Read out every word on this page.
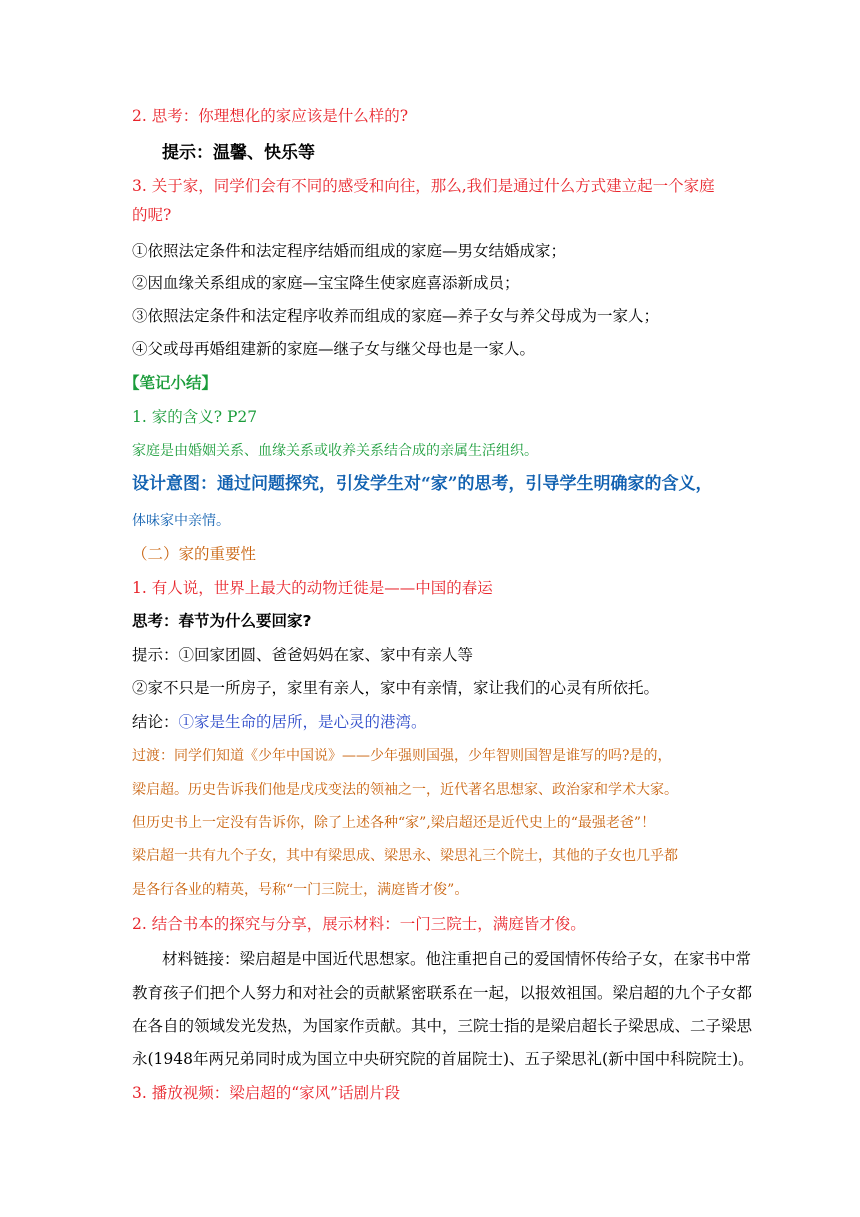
2. 思考：你理想化的家应该是什么样的?
提示：温馨、快乐等
3. 关于家，同学们会有不同的感受和向往，那么,我们是通过什么方式建立起一个家庭
的呢?
①依照法定条件和法定程序结婚而组成的家庭—男女结婚成家；
②因血缘关系组成的家庭—宝宝降生使家庭喜添新成员；
③依照法定条件和法定程序收养而组成的家庭—养子女与养父母成为一家人；
④父或母再婚组建新的家庭—继子女与继父母也是一家人。
【笔记小结】
1. 家的含义? P27
家庭是由婚姻关系、血缘关系或收养关系结合成的亲属生活组织。
设计意图：通过问题探究，引发学生对“家”的思考，引导学生明确家的含义，
体味家中亲情。
（二）家的重要性
1. 有人说，世界上最大的动物迁徙是——中国的春运
思考：春节为什么要回家?
提示：①回家团圆、爸爸妈妈在家、家中有亲人等
②家不只是一所房子，家里有亲人，家中有亲情，家让我们的心灵有所依托。
结论：①家是生命的居所，是心灵的港湾。
过渡：同学们知道《少年中国说》——少年强则国强，少年智则国智是谁写的吗?是的，
梁启超。历史告诉我们他是戊戌变法的领袖之一，近代著名思想家、政治家和学术大家。
但历史书上一定没有告诉你，除了上述各种“家”,梁启超还是近代史上的“最强老爸”！
梁启超一共有九个子女，其中有梁思成、梁思永、梁思礼三个院士，其他的子女也几乎都
是各行各业的精英，号称“一门三院士，满庭皆才俊”。
2. 结合书本的探究与分享，展示材料：一门三院士，满庭皆才俊。
材料链接：梁启超是中国近代思想家。他注重把自己的爱国情怀传给子女，在家书中常
教育孩子们把个人努力和对社会的贡献紧密联系在一起，以报效祖国。梁启超的九个子女都
在各自的领域发光发热，为国家作贡献。其中，三院士指的是梁启超长子梁思成、二子梁思
永(1948年两兄弟同时成为国立中央研究院的首届院士)、五子梁思礼(新中国中科院院士)。
3. 播放视频：梁启超的“家风”话剧片段
